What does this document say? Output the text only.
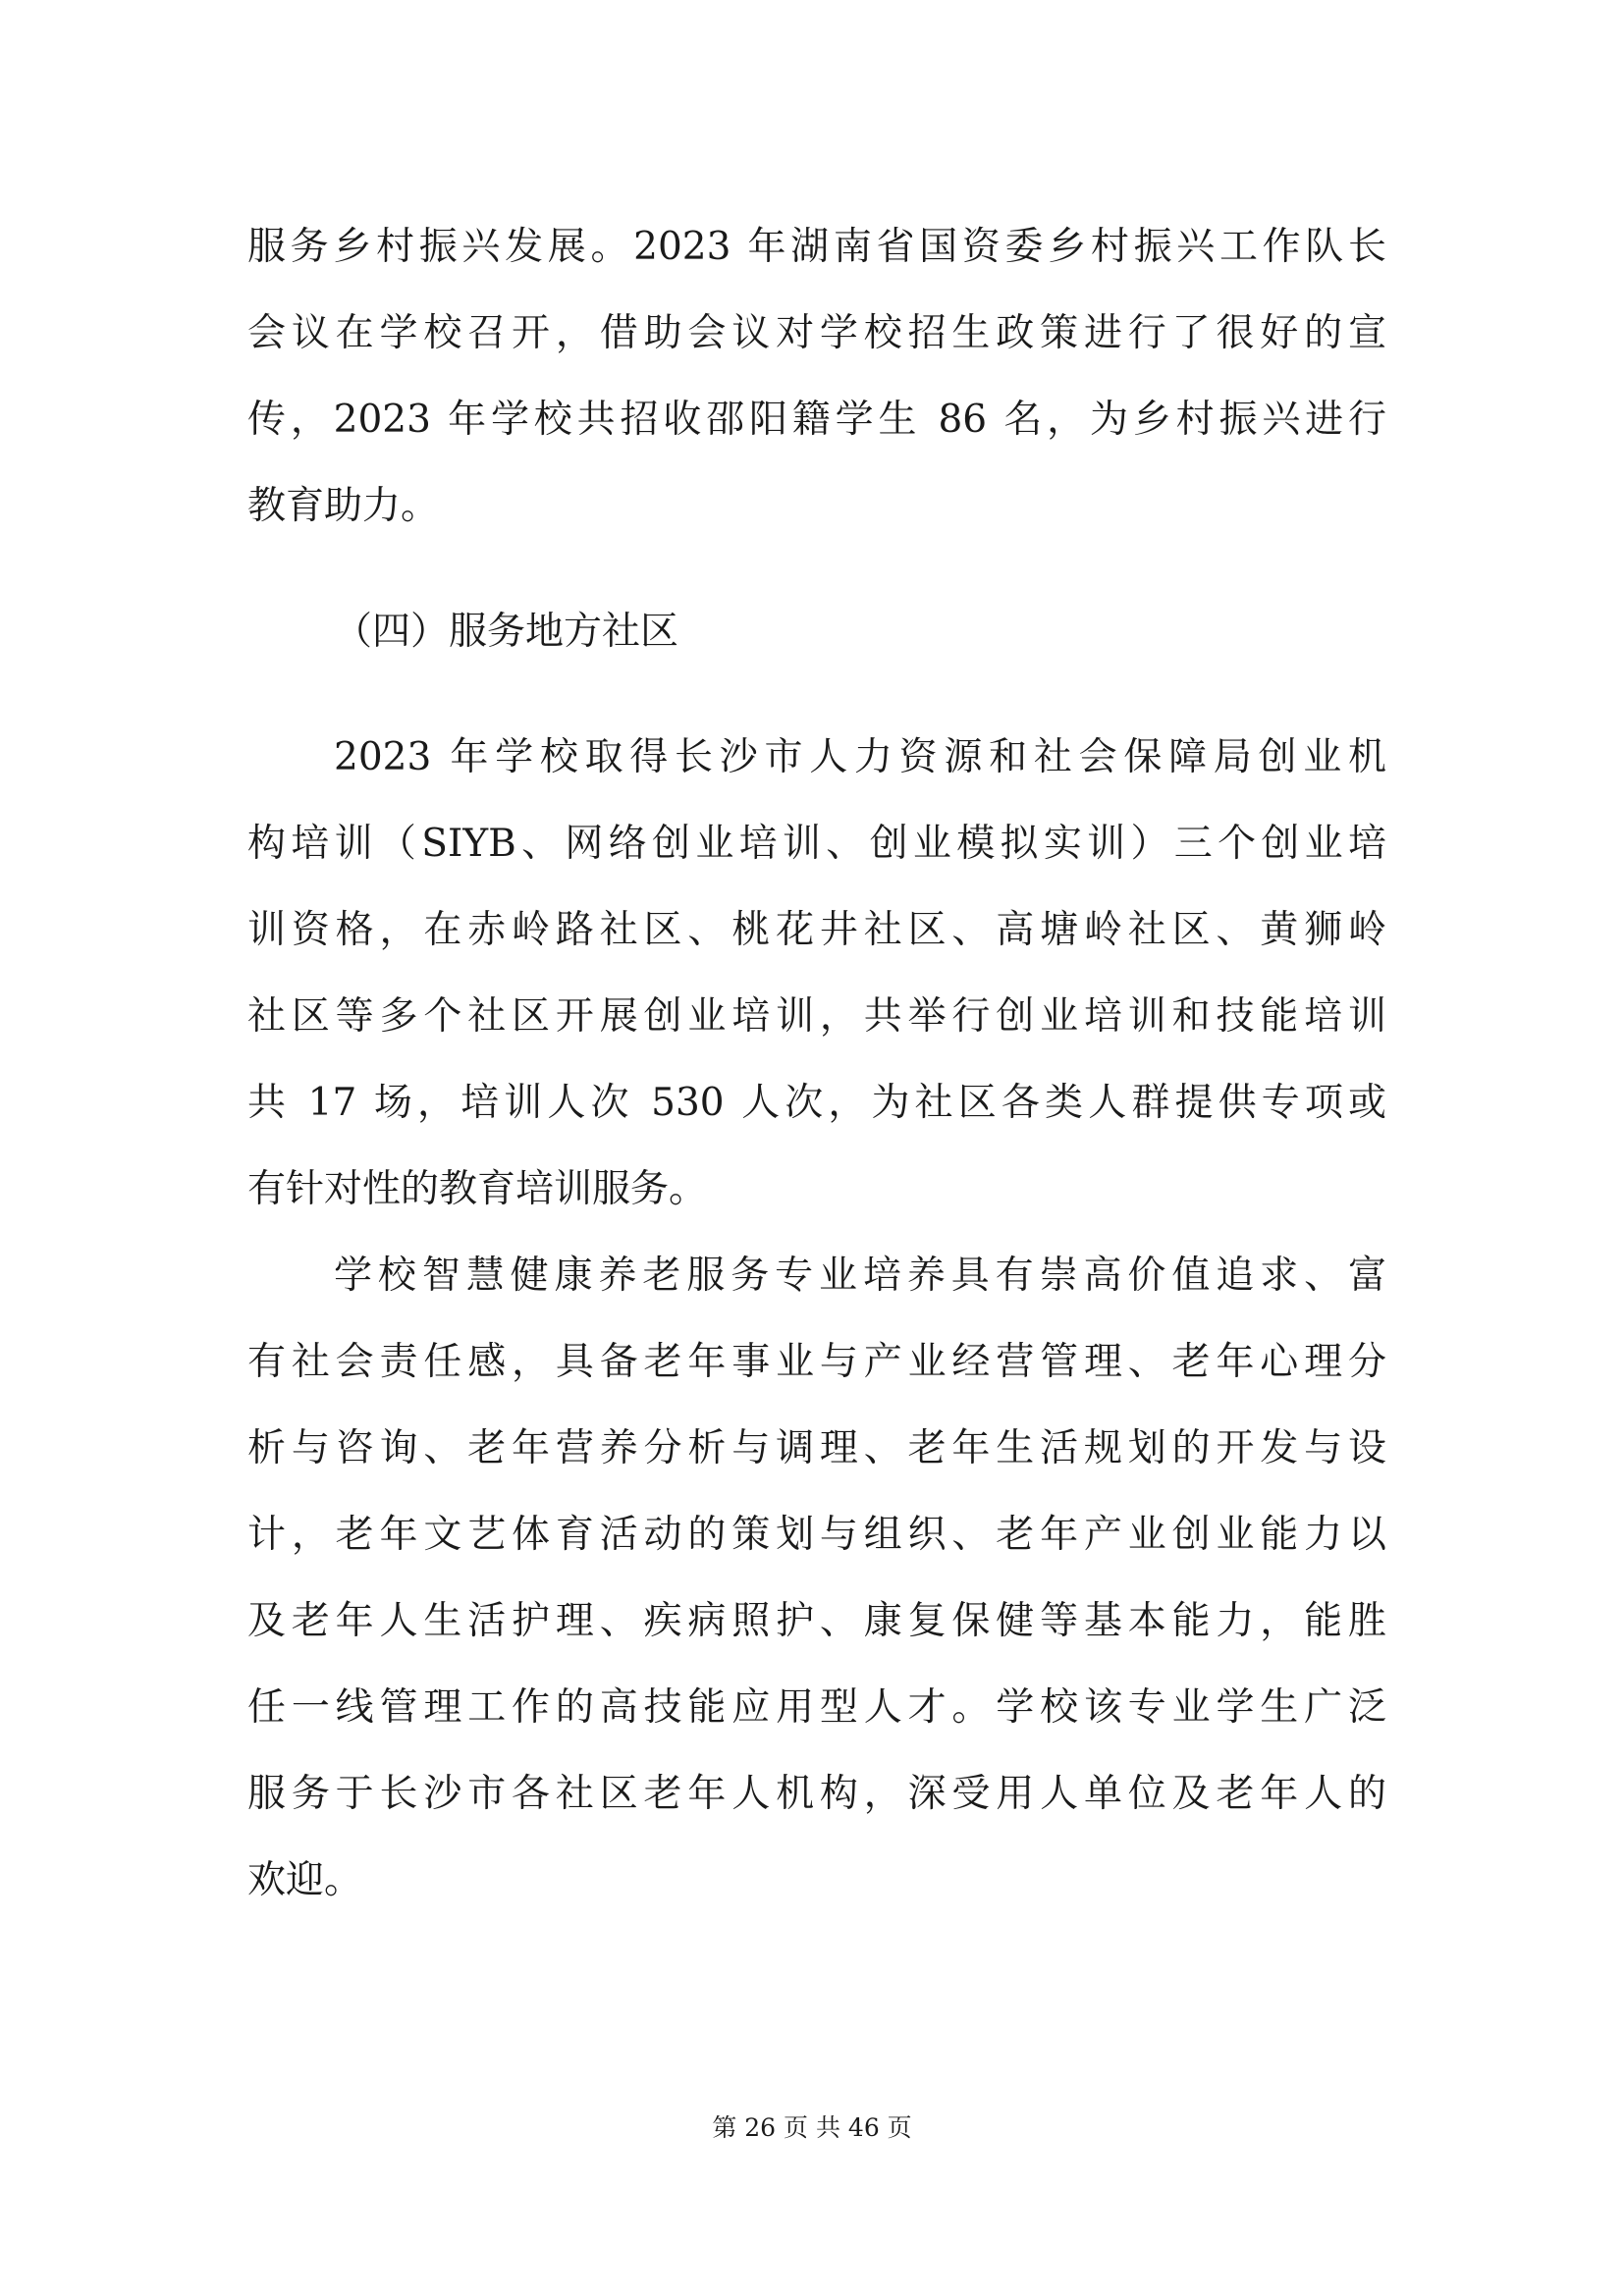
服务乡村振兴发展。2023 年湖南省国资委乡村振兴工作队长
会议在学校召开，借助会议对学校招生政策进行了很好的宣
传，2023 年学校共招收邵阳籍学生 86 名，为乡村振兴进行
教育助力。
（四）服务地方社区
2023 年学校取得长沙市人力资源和社会保障局创业机
构培训（SIYB、网络创业培训、创业模拟实训）三个创业培
训资格，在赤岭路社区、桃花井社区、高塘岭社区、黄狮岭
社区等多个社区开展创业培训，共举行创业培训和技能培训
共 17 场，培训人次 530 人次，为社区各类人群提供专项或
有针对性的教育培训服务。
学校智慧健康养老服务专业培养具有崇高价值追求、富
有社会责任感，具备老年事业与产业经营管理、老年心理分
析与咨询、老年营养分析与调理、老年生活规划的开发与设
计，老年文艺体育活动的策划与组织、老年产业创业能力以
及老年人生活护理、疾病照护、康复保健等基本能力，能胜
任一线管理工作的高技能应用型人才。学校该专业学生广泛
服务于长沙市各社区老年人机构，深受用人单位及老年人的
欢迎。
第 26 页 共 46 页
